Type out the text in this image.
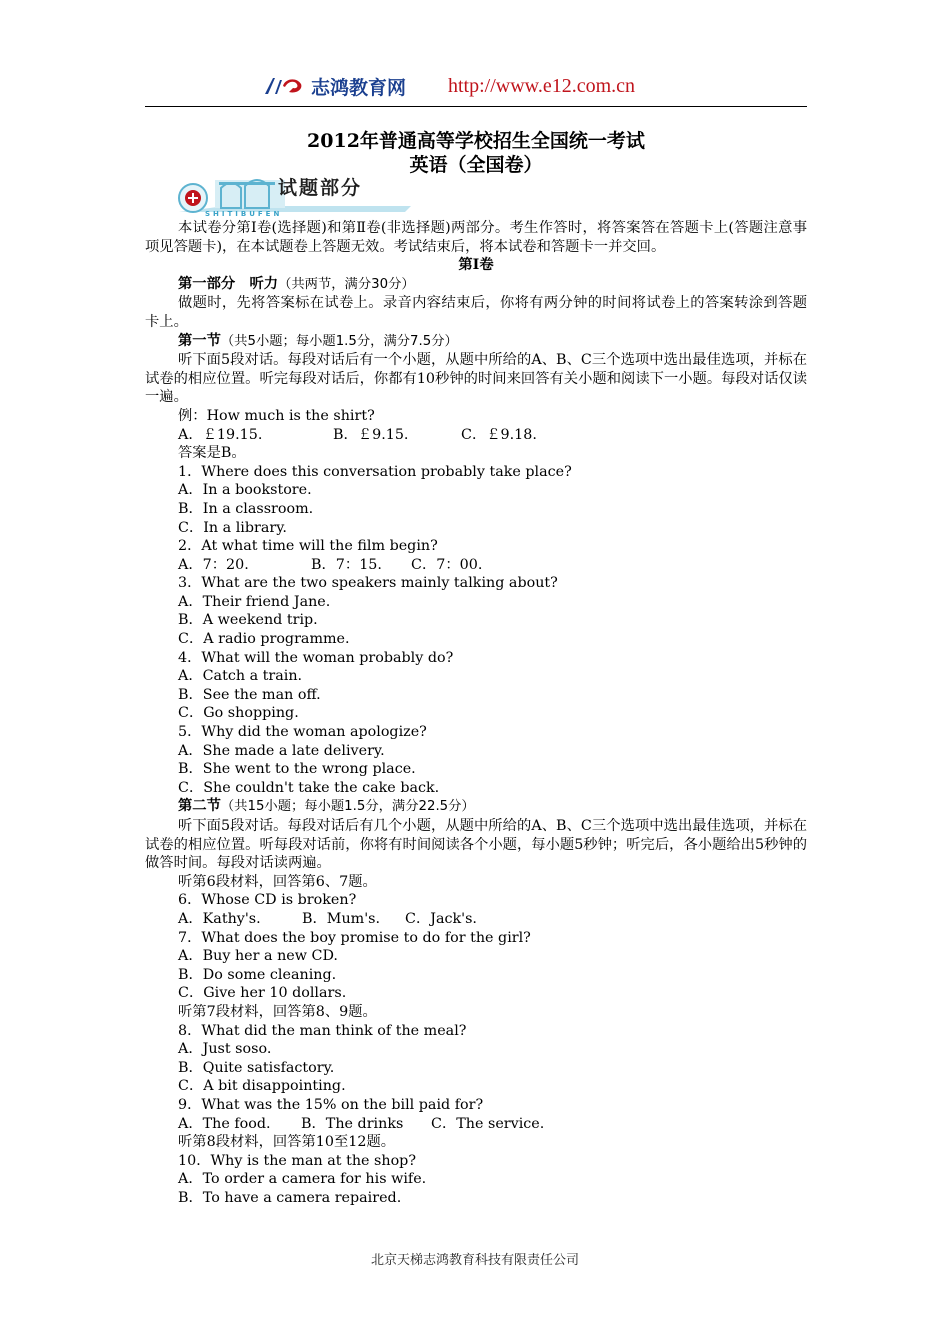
志鸿教育网 http://www.e12.com.cn
2012年普通高等学校招生全国统一考试
英语（全国卷）
试题部分
SHITIBUFEN

本试卷分第Ⅰ卷(选择题)和第Ⅱ卷(非选择题)两部分。考生作答时，将答案答在答题卡上(答题注意事项见答题卡)，在本试题卷上答题无效。考试结束后，将本试卷和答题卡一并交回。

第Ⅰ卷

第一部分　听力（共两节，满分30分）

做题时，先将答案标在试卷上。录音内容结束后，你将有两分钟的时间将试卷上的答案转涂到答题卡上。

第一节（共5小题；每小题1.5分，满分7.5分）

听下面5段对话。每段对话后有一个小题，从题中所给的A、B、C三个选项中选出最佳选项，并标在试卷的相应位置。听完每段对话后，你都有10秒钟的时间来回答有关小题和阅读下一小题。每段对话仅读一遍。

例：How much is the shirt?

A．￡19.15.	B．￡9.15.	C．￡9.18.

答案是B。

1．Where does this conversation probably take place?

A．In a bookstore.

B．In a classroom.

C．In a library.

2．At what time will the film begin?

A．7：20.	B．7：15. C．7：00.

3．What are the two speakers mainly talking about?

A．Their friend Jane.

B．A weekend trip.

C．A radio programme.

4．What will the woman probably do?

A．Catch a train.

B．See the man off.

C．Go shopping.

5．Why did the woman apologize?

A．She made a late delivery.

B．She went to the wrong place.

C．She couldn't take the cake back.

第二节（共15小题；每小题1.5分，满分22.5分）

听下面5段对话。每段对话后有几个小题，从题中所给的A、B、C三个选项中选出最佳选项，并标在试卷的相应位置。听每段对话前，你将有时间阅读各个小题，每小题5秒钟；听完后，各小题给出5秒钟的做答时间。每段对话读两遍。

听第6段材料，回答第6、7题。

6．Whose CD is broken?

A．Kathy's.	B．Mum's. C．Jack's.

7．What does the boy promise to do for the girl?

A．Buy her a new CD.

B．Do some cleaning.

C．Give her 10 dollars.

听第7段材料，回答第8、9题。

8．What did the man think of the meal?

A．Just soso.

B．Quite satisfactory.

C．A bit disappointing.

9．What was the 15% on the bill paid for?

A．The food. B．The drinks C．The service.

听第8段材料，回答第10至12题。

10．Why is the man at the shop?

A．To order a camera for his wife.

B．To have a camera repaired.

北京天梯志鸿教育科技有限责任公司
